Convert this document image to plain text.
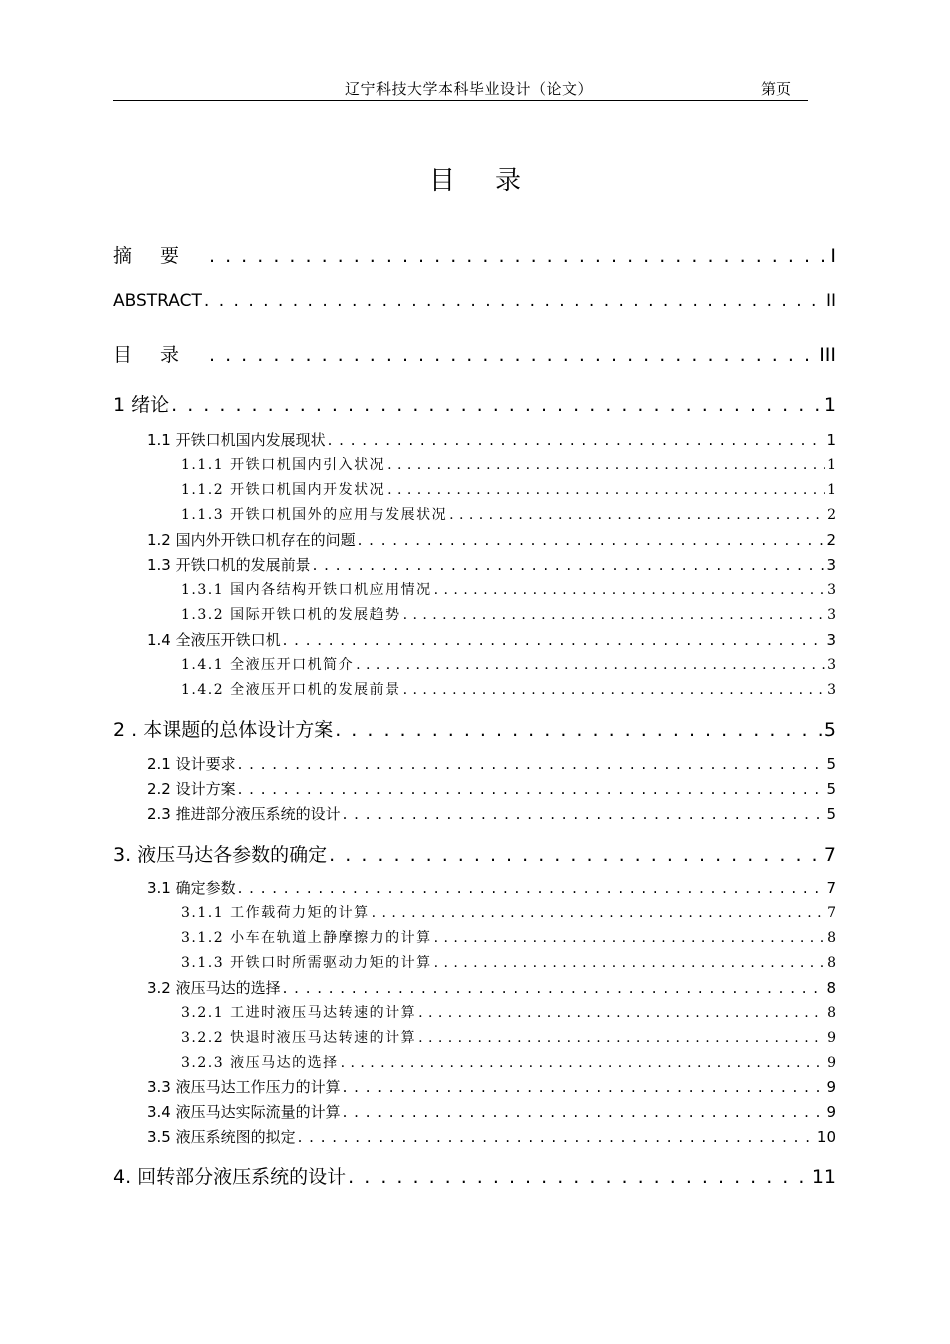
辽宁科技大学本科毕业设计（论文）	第页
目录
摘要 . . .	I
ABSTRACT . . .	II
目录 . . .	III
1 绪论 . . .	1
1.1 开铁口机国内发展现状 . . .	1
1.1.1 开铁口机国内引入状况 . . .	1
1.1.2 开铁口机国内开发状况 . . .	1
1.1.3 开铁口机国外的应用与发展状况 . . .	2
1.2 国内外开铁口机存在的问题 . . .	2
1.3 开铁口机的发展前景 . . .	3
1.3.1 国内各结构开铁口机应用情况 . . .	3
1.3.2 国际开铁口机的发展趋势 . . .	3
1.4 全液压开铁口机 . . .	3
1.4.1 全液压开口机简介 . . .	3
1.4.2 全液压开口机的发展前景 . . .	3
2 . 本课题的总体设计方案 . . .	5
2.1 设计要求 . . .	5
2.2 设计方案 . . .	5
2.3 推进部分液压系统的设计 . . .	5
3. 液压马达各参数的确定 . . .	7
3.1 确定参数 . . .	7
3.1.1 工作载荷力矩的计算 . . .	7
3.1.2 小车在轨道上静摩擦力的计算 . . .	8
3.1.3 开铁口时所需驱动力矩的计算 . . .	8
3.2 液压马达的选择 . . .	8
3.2.1 工进时液压马达转速的计算 . . .	8
3.2.2 快退时液压马达转速的计算 . . .	9
3.2.3 液压马达的选择 . . .	9
3.3 液压马达工作压力的计算 . . .	9
3.4 液压马达实际流量的计算 . . .	9
3.5 液压系统图的拟定 . . .	10
4. 回转部分液压系统的设计 . . .	11
